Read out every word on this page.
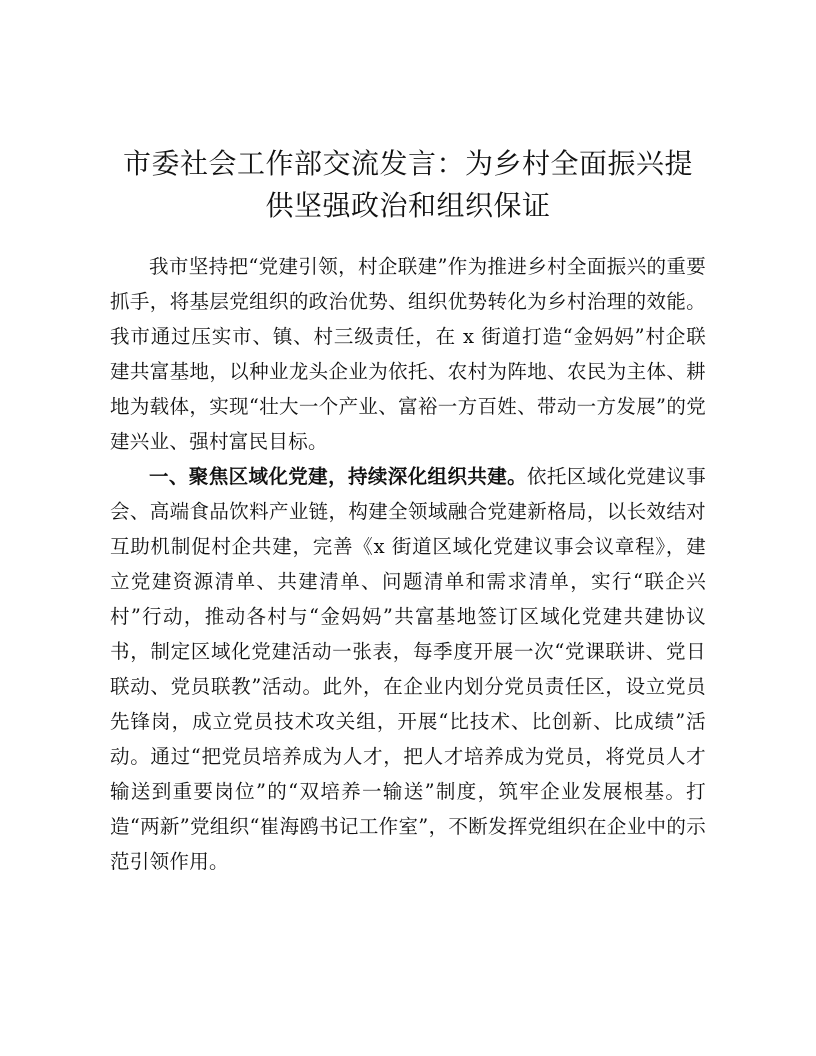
市委社会工作部交流发言：为乡村全面振兴提供坚强政治和组织保证

我市坚持把“党建引领，村企联建”作为推进乡村全面振兴的重要抓手，将基层党组织的政治优势、组织优势转化为乡村治理的效能。我市通过压实市、镇、村三级责任，在 x 街道打造“金妈妈”村企联建共富基地，以种业龙头企业为依托、农村为阵地、农民为主体、耕地为载体，实现“壮大一个产业、富裕一方百姓、带动一方发展”的党建兴业、强村富民目标。

一、聚焦区域化党建，持续深化组织共建。依托区域化党建议事会、高端食品饮料产业链，构建全领域融合党建新格局，以长效结对互助机制促村企共建，完善《x 街道区域化党建议事会议章程》，建立党建资源清单、共建清单、问题清单和需求清单，实行“联企兴村”行动，推动各村与“金妈妈”共富基地签订区域化党建共建协议书，制定区域化党建活动一张表，每季度开展一次“党课联讲、党日联动、党员联教”活动。此外，在企业内划分党员责任区，设立党员先锋岗，成立党员技术攻关组，开展“比技术、比创新、比成绩”活动。通过“把党员培养成为人才，把人才培养成为党员，将党员人才输送到重要岗位”的“双培养一输送”制度，筑牢企业发展根基。打造“两新”党组织“崔海鸥书记工作室”，不断发挥党组织在企业中的示范引领作用。
